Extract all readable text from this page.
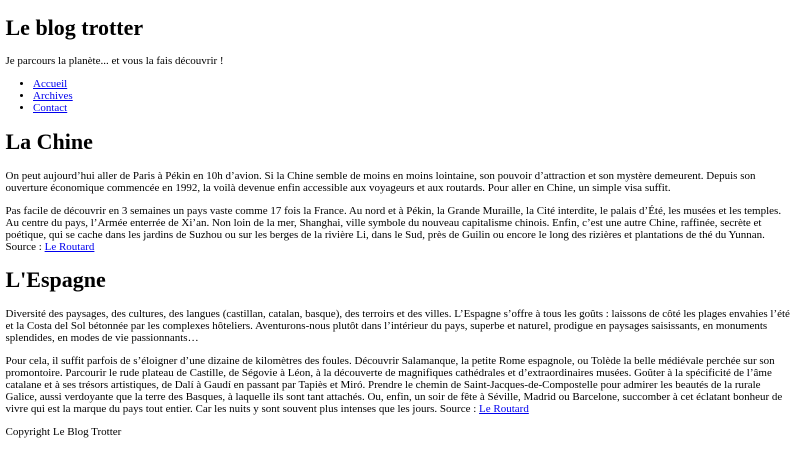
Le blog trotter

Je parcours la planète... et vous la fais découvrir !

• Accueil
• Archives
• Contact
La Chine

On peut aujourd’hui aller de Paris à Pékin en 10h d’avion. Si la Chine semble de moins en moins lointaine, son pouvoir d’attraction et son mystère demeurent. Depuis son ouverture économique commencée en 1992, la voilà devenue enfin accessible aux voyageurs et aux routards. Pour aller en Chine, un simple visa suffit.

Pas facile de découvrir en 3 semaines un pays vaste comme 17 fois la France. Au nord et à Pékin, la Grande Muraille, la Cité interdite, le palais d’Été, les musées et les temples. Au centre du pays, l’Armée enterrée de Xi’an. Non loin de la mer, Shanghai, ville symbole du nouveau capitalisme chinois. Enfin, c’est une autre Chine, raffinée, secrète et poétique, qui se cache dans les jardins de Suzhou ou sur les berges de la rivière Li, dans le Sud, près de Guilin ou encore le long des rizières et plantations de thé du Yunnan. Source : Le Routard

L'Espagne

Diversité des paysages, des cultures, des langues (castillan, catalan, basque), des terroirs et des villes. L’Espagne s’offre à tous les goûts : laissons de côté les plages envahies l’été et la Costa del Sol bétonnée par les complexes hôteliers. Aventurons-nous plutôt dans l’intérieur du pays, superbe et naturel, prodigue en paysages saisissants, en monuments splendides, en modes de vie passionnants…

Pour cela, il suffit parfois de s’éloigner d’une dizaine de kilomètres des foules. Découvrir Salamanque, la petite Rome espagnole, ou Tolède la belle médiévale perchée sur son promontoire. Parcourir le rude plateau de Castille, de Ségovie à Léon, à la découverte de magnifiques cathédrales et d’extraordinaires musées. Goûter à la spécificité de l’âme catalane et à ses trésors artistiques, de Dalí à Gaudí en passant par Tapiès et Miró. Prendre le chemin de Saint-Jacques-de-Compostelle pour admirer les beautés de la rurale Galice, aussi verdoyante que la terre des Basques, à laquelle ils sont tant attachés. Ou, enfin, un soir de fête à Séville, Madrid ou Barcelone, succomber à cet éclatant bonheur de vivre qui est la marque du pays tout entier. Car les nuits y sont souvent plus intenses que les jours. Source : Le Routard

Copyright Le Blog Trotter
